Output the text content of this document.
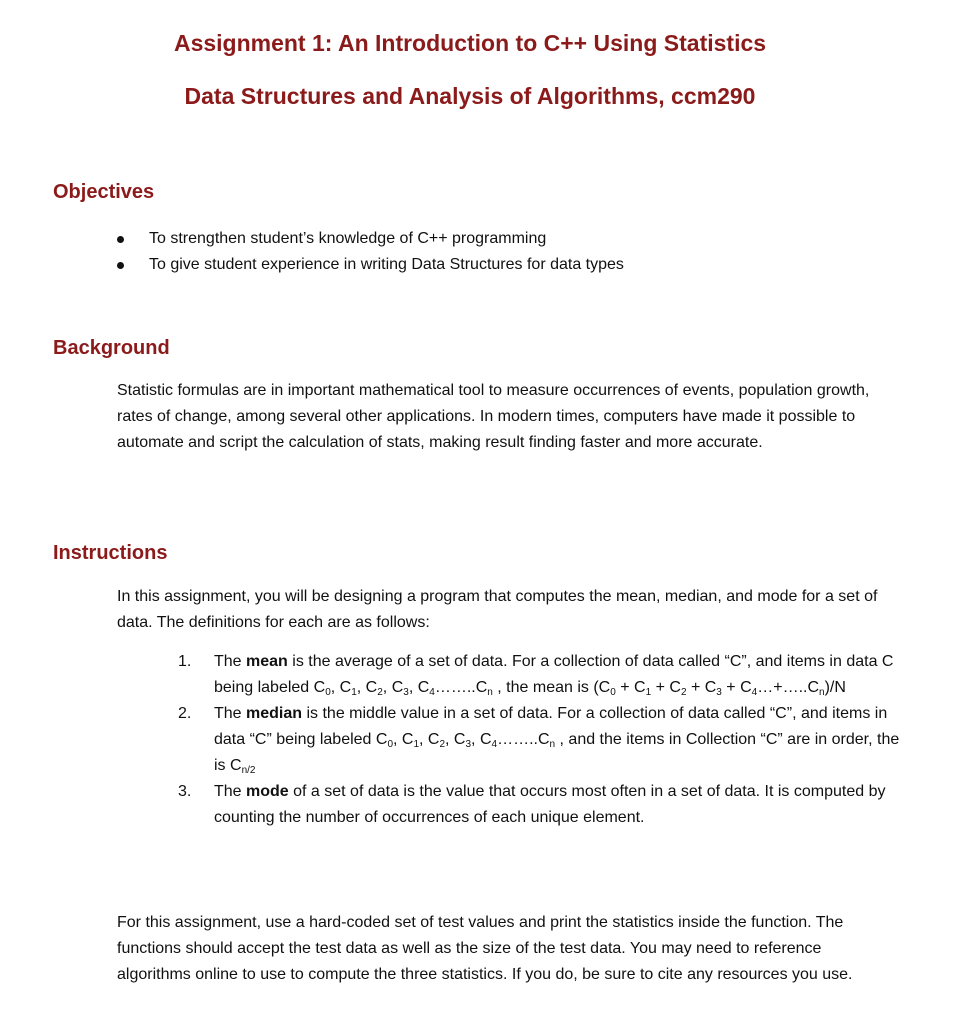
Assignment 1: An Introduction to C++ Using Statistics
Data Structures and Analysis of Algorithms, ccm290
Objectives
To strengthen student’s knowledge of C++ programming
To give student experience in writing Data Structures for data types
Background

Statistic formulas are in important mathematical tool to measure occurrences of events, population growth, rates of change, among several other applications. In modern times, computers have made it possible to automate and script the calculation of stats, making result finding faster and more accurate.

Instructions

In this assignment, you will be designing a program that computes the mean, median, and mode for a set of data. The definitions for each are as follows:

1. The mean is the average of a set of data. For a collection of data called “C”, and items in data C being labeled $C_0$, $C_1$, $C_2$, $C_3$, $C_4\dots\dots..C_n$ , the mean is ($C_0 + C_1 + C_2 + C_3$ + $C_4\dots+\dots..C_n)/N$
2. The median is the middle value in a set of data. For a collection of data called “C”, and items in data “C” being labeled $C_0$, $C_1$, $C_2$, $C_3$, $C_4\dots\dots..C_n$ , and the items in Collection “C” are in order, the is $C_{n/2}$
3. The mode of a set of data is the value that occurs most often in a set of data. It is computed by counting the number of occurrences of each unique element.

For this assignment, use a hard-coded set of test values and print the statistics inside the function. The functions should accept the test data as well as the size of the test data. You may need to reference algorithms online to use to compute the three statistics. If you do, be sure to cite any resources you use.
